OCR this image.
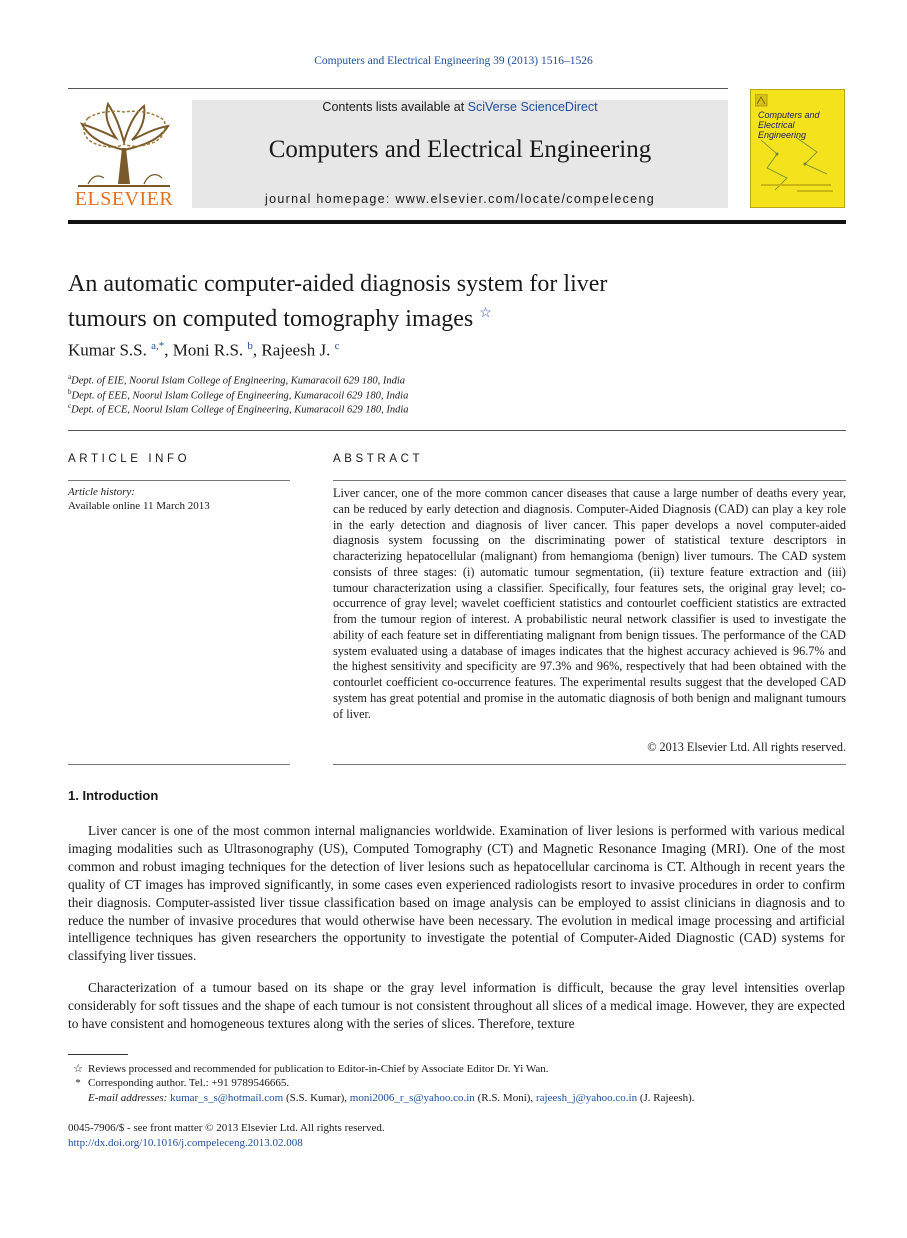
Computers and Electrical Engineering 39 (2013) 1516–1526
ELSEVIER
Contents lists available at SciVerse ScienceDirect
Computers and Electrical Engineering
journal homepage: www.elsevier.com/locate/compeleceng
Computers and Electrical Engineering
An automatic computer-aided diagnosis system for liver
tumours on computed tomography images ☆
Kumar S.S. $^{a,*}$, Moni R.S. $^b$, Rajeesh J. $^c$
$^a$Dept. of EIE, Noorul Islam College of Engineering, Kumaracoil 629 180, India
$^b$Dept. of EEE, Noorul Islam College of Engineering, Kumaracoil 629 180, India
$^c$Dept. of ECE, Noorul Islam College of Engineering, Kumaracoil 629 180, India
ARTICLE INFO
Article history:
Available online 11 March 2013
ABSTRACT
Liver cancer, one of the more common cancer diseases that cause a large number of deaths every year, can be reduced by early detection and diagnosis. Computer-Aided Diagnosis (CAD) can play a key role in the early detection and diagnosis of liver cancer. This paper develops a novel computer-aided diagnosis system focussing on the discriminating power of statistical texture descriptors in characterizing hepatocellular (malignant) from hemangioma (benign) liver tumours. The CAD system consists of three stages: (i) automatic tumour segmentation, (ii) texture feature extraction and (iii) tumour characterization using a classifier. Specifically, four features sets, the original gray level; co-occurrence of gray level; wavelet coefficient statistics and contourlet coefficient statistics are extracted from the tumour region of interest. A probabilistic neural network classifier is used to investigate the ability of each feature set in differentiating malignant from benign tissues. The performance of the CAD system evaluated using a database of images indicates that the highest accuracy achieved is 96.7% and the highest sensitivity and specificity are 97.3% and 96%, respectively that had been obtained with the contourlet coefficient co-occurrence features. The experimental results suggest that the developed CAD system has great potential and promise in the automatic diagnosis of both benign and malignant tumours of liver.
© 2013 Elsevier Ltd. All rights reserved.
1. Introduction
Liver cancer is one of the most common internal malignancies worldwide. Examination of liver lesions is performed with various medical imaging modalities such as Ultrasonography (US), Computed Tomography (CT) and Magnetic Resonance Imaging (MRI). One of the most common and robust imaging techniques for the detection of liver lesions such as hepatocellular carcinoma is CT. Although in recent years the quality of CT images has improved significantly, in some cases even experienced radiologists resort to invasive procedures in order to confirm their diagnosis. Computer-assisted liver tissue classification based on image analysis can be employed to assist clinicians in diagnosis and to reduce the number of invasive procedures that would otherwise have been necessary. The evolution in medical image processing and artificial intelligence techniques has given researchers the opportunity to investigate the potential of Computer-Aided Diagnostic (CAD) systems for classifying liver tissues.
Characterization of a tumour based on its shape or the gray level information is difficult, because the gray level intensities overlap considerably for soft tissues and the shape of each tumour is not consistent throughout all slices of a medical image. However, they are expected to have consistent and homogeneous textures along with the series of slices. Therefore, texture
☆ Reviews processed and recommended for publication to Editor-in-Chief by Associate Editor Dr. Yi Wan.
* Corresponding author. Tel.: +91 9789546665.
E-mail addresses: kumar_s_s@hotmail.com (S.S. Kumar), moni2006_r_s@yahoo.co.in (R.S. Moni), rajeesh_j@yahoo.co.in (J. Rajeesh).
0045-7906/$ - see front matter © 2013 Elsevier Ltd. All rights reserved.
http://dx.doi.org/10.1016/j.compeleceng.2013.02.008
